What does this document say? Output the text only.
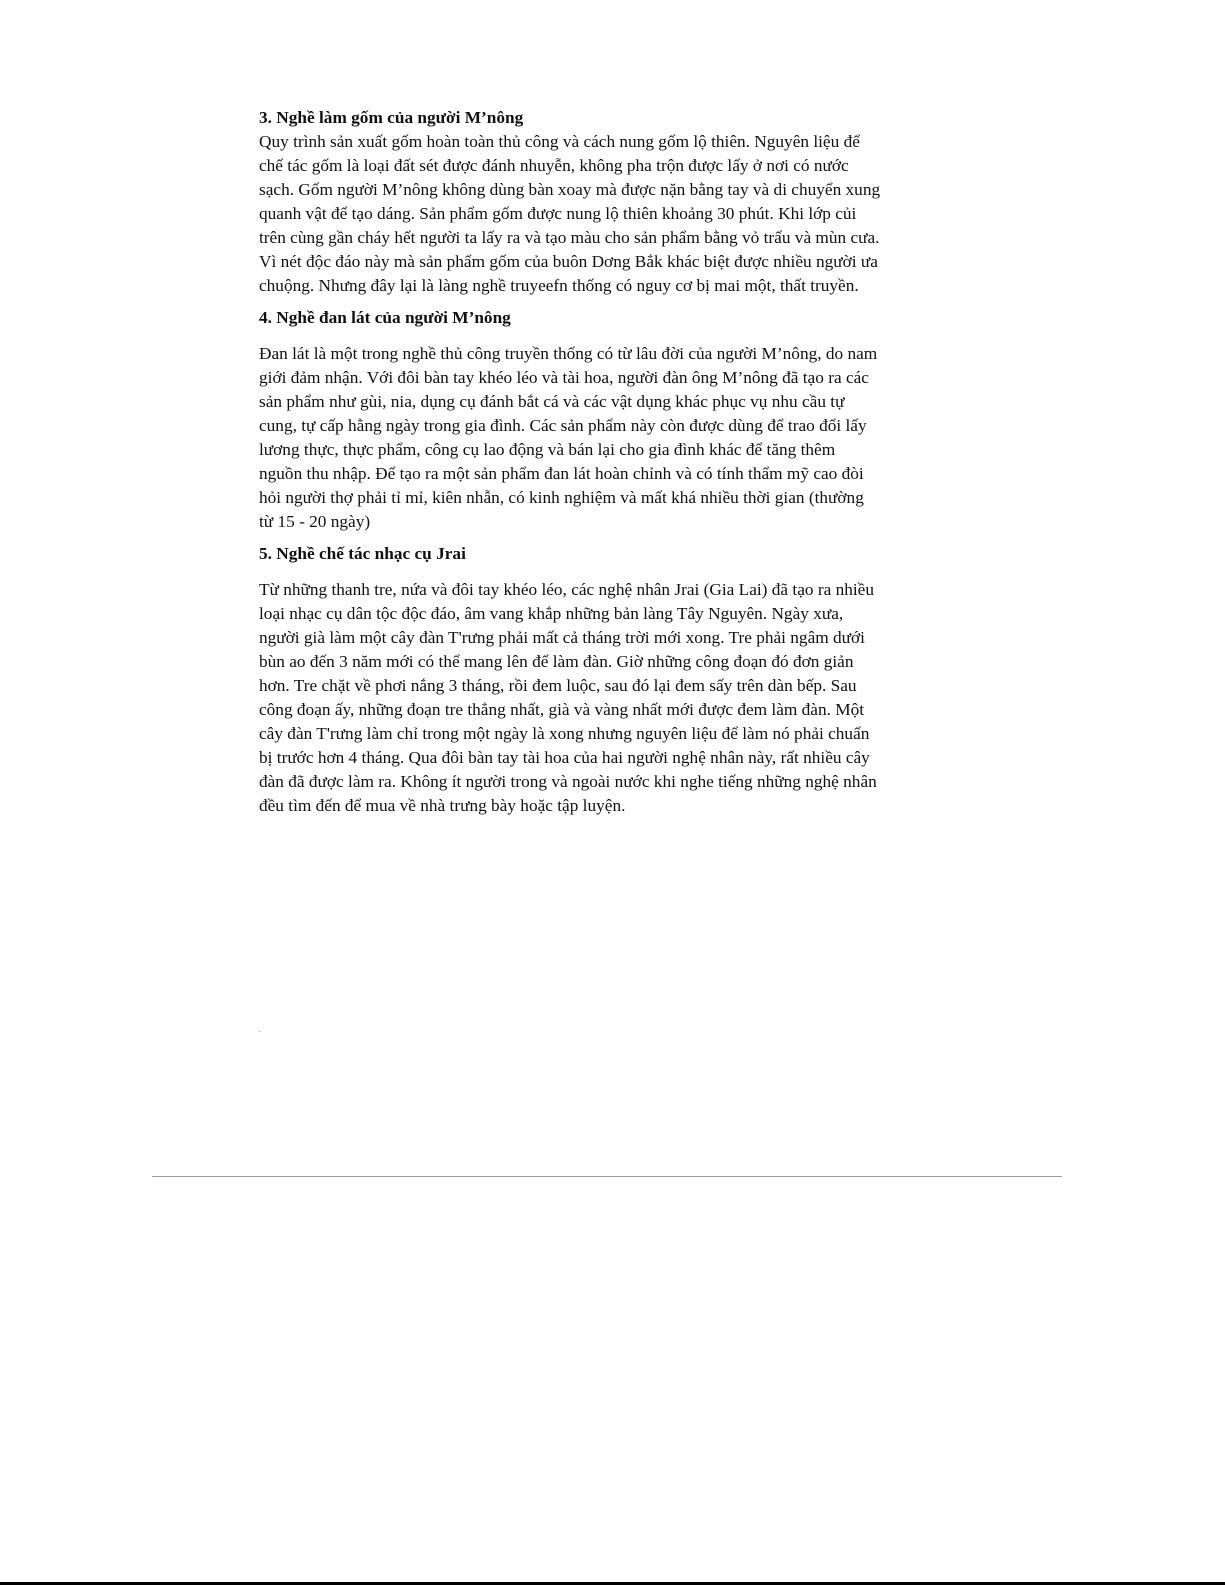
3. Nghề làm gốm của người M’nông

Quy trình sản xuất gốm hoàn toàn thủ công và cách nung gốm lộ thiên. Nguyên liệu để

chế tác gốm là loại đất sét được đánh nhuyễn, không pha trộn được lấy ở nơi có nước

sạch. Gốm người M’nông không dùng bàn xoay mà được nặn bằng tay và di chuyển xung

quanh vật để tạo dáng. Sản phẩm gốm được nung lộ thiên khoảng 30 phút. Khi lớp củi

trên cùng gần cháy hết người ta lấy ra và tạo màu cho sản phẩm bằng vỏ trấu và mùn cưa.

Vì nét độc đáo này mà sản phẩm gốm của buôn Dơng Bắk khác biệt được nhiều người ưa

chuộng. Nhưng đây lại là làng nghề truyeefn thống có nguy cơ bị mai một, thất truyền.

4. Nghề đan lát của người M’nông

Đan lát là một trong nghề thủ công truyền thống có từ lâu đời của người M’nông, do nam

giới đảm nhận. Với đôi bàn tay khéo léo và tài hoa, người đàn ông M’nông đã tạo ra các

sản phẩm như gùi, nia, dụng cụ đánh bắt cá và các vật dụng khác phục vụ nhu cầu tự

cung, tự cấp hằng ngày trong gia đình. Các sản phẩm này còn được dùng để trao đổi lấy

lương thực, thực phẩm, công cụ lao động và bán lại cho gia đình khác để tăng thêm

nguồn thu nhập. Để tạo ra một sản phẩm đan lát hoàn chỉnh và có tính thẩm mỹ cao đòi

hỏi người thợ phải tỉ mỉ, kiên nhẫn, có kinh nghiệm và mất khá nhiều thời gian (thường

từ 15 - 20 ngày)

5. Nghề chế tác nhạc cụ Jrai

Từ những thanh tre, nứa và đôi tay khéo léo, các nghệ nhân Jrai (Gia Lai) đã tạo ra nhiều

loại nhạc cụ dân tộc độc đáo, âm vang khắp những bản làng Tây Nguyên. Ngày xưa,

người già làm một cây đàn T'rưng phải mất cả tháng trời mới xong. Tre phải ngâm dưới

bùn ao đến 3 năm mới có thể mang lên để làm đàn. Giờ những công đoạn đó đơn giản

hơn. Tre chặt về phơi nắng 3 tháng, rồi đem luộc, sau đó lại đem sấy trên dàn bếp. Sau

công đoạn ấy, những đoạn tre thẳng nhất, già và vàng nhất mới được đem làm đàn. Một

cây đàn T'rưng làm chỉ trong một ngày là xong nhưng nguyên liệu để làm nó phải chuẩn

bị trước hơn 4 tháng. Qua đôi bàn tay tài hoa của hai người nghệ nhân này, rất nhiều cây

đàn đã được làm ra. Không ít người trong và ngoài nước khi nghe tiếng những nghệ nhân

đều tìm đến để mua về nhà trưng bày hoặc tập luyện.
